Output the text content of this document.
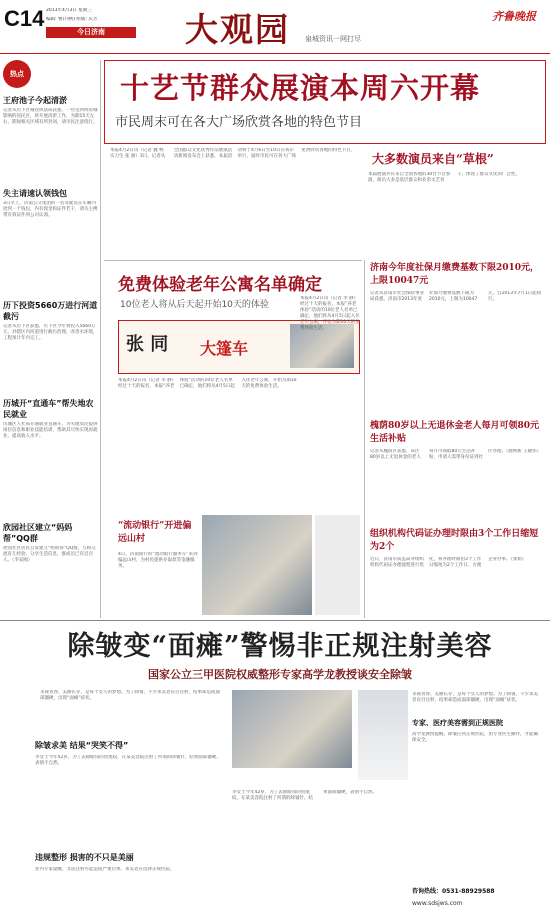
C14 2013年4月3日 星期三
编辑: 曹(刊例) 组版: 庆芳
今日济南	大观园 泉城资讯一网打尽
齐鲁晚报
热点
王府池子今起清淤
记者从历下区城管执法局获悉，一些受到明府城影响的居民区，将开展清淤工作，为期15天左右，期间相关区域有所封闭，请市民注意绕行。
失主请速认领钱包
3日早上，济南公交集团的一名驾驶员在车厢内拾到一个钱包，内有现金和证件若干，请失主携带有效证件到公司认领。
历下投资5660万进行河道截污
记者从历下区获悉，历下区今年将投入5660万元，对辖区内河道进行截污治理，改善水环境，工程预计年内完工。
历城开“直通车”帮失地农民就业
历城区人社局开通就业直通车，为失地农民提供岗位信息和职业技能培训，帮助其尽快实现再就业，提高收入水平。
欣园社区建立“妈妈帮”QQ群
欣园社区居民自发建立“妈妈帮”QQ群，互相交流育儿经验、分享生活信息，群成员已有近百人。（李安刚）
十艺节群众展演本周六开幕
市民周末可在各大广场欣赏各地的特色节目
本报4月2日讯（记者 魏 鸭 实习生 张 丽）3日，记者从全国群众文化优秀作品展演活动新闻发布会上获悉，本届活动将于4月6日至10日在我市举行，届时市民可在各大广场免费欣赏各地的特色节目。
大多数演员来自“草根”
本届展演共有来自全国各地的30台节目参演，演员大多是基层群众和业余文艺骨干，体现了群众文化的广泛性。
免费体验老年公寓名单确定
10位老人将从后天起开始10天的体验
张 同 大篷车
本报4月2日讯（记者 李 静）经过十天的报名，本报“养老体验”活动的10位老人名单已确定，他们将从4月5日起入住老年公寓，开始为期10天的免费体验生活。
本报4月2日讯（记者 李 静）经过十天的报名，本报“养老体验”活动的10位老人名单已确定，他们将从4月5日起入住老年公寓，开始为期10天的免费体验生活。
“流动银行”开进偏远山村
4日，济南银行的“流动银行服务车”来到偏远山村，为村民提供存取款等金融服务。
济南今年度社保月缴费基数下限2010元，上限10047元
记者从济南市社会保险事业局获悉，济南市2013年度社保月缴费基数下限为2010元，上限为10047元，自2013年7月1日起执行。
槐荫80岁以上无退休金老人每月可领80元生活补贴
记者从槐荫区获悉，该区80岁以上无退休金的老人每月可领取80元生活补贴，申请人需带身份证到社区办理。（鹿焕新 王晓伟）
组织机构代码证办理时限由3个工作日缩短为2个
近日，济南市质监局对组织机构代码证办理流程进行优化，将办理时限由3个工作日缩短为2个工作日，方便企业办事。（张娟）
除皱变“面瘫”警惕非正规注射美容
国家公立三甲医院权威整形专家高学龙教授谈安全除皱
永葆青春、美丽长存，是每个女人的梦想。为了除皱，不少求美者盲目注射，结果却造成面部僵硬，出现“面瘫”症状。
除皱求美 结果“哭笑不得”
李女士今年42岁，为了去除眼角的鱼尾纹，在某美容院注射了所谓的除皱针，结果面部僵硬，表情不自然。
违规整形 损害的不只是美丽
业内专家提醒，非法注射可能造成严重后果，求美者应选择正规医院。
李女士今年42岁，为了去除眼角的鱼尾纹，在某美容院注射了所谓的除皱针，结果面部僵硬，表情不自然。
永葆青春、美丽长存，是每个女人的梦想。为了除皱，不少求美者盲目注射，结果却造成面部僵硬，出现“面瘫”症状。
专家、医疗美容需到正规医院
高学龙教授提醒，除皱应到正规医院，由专业医生操作，才能确保安全。
咨询热线：0531-88929588
www.sdsjws.com
